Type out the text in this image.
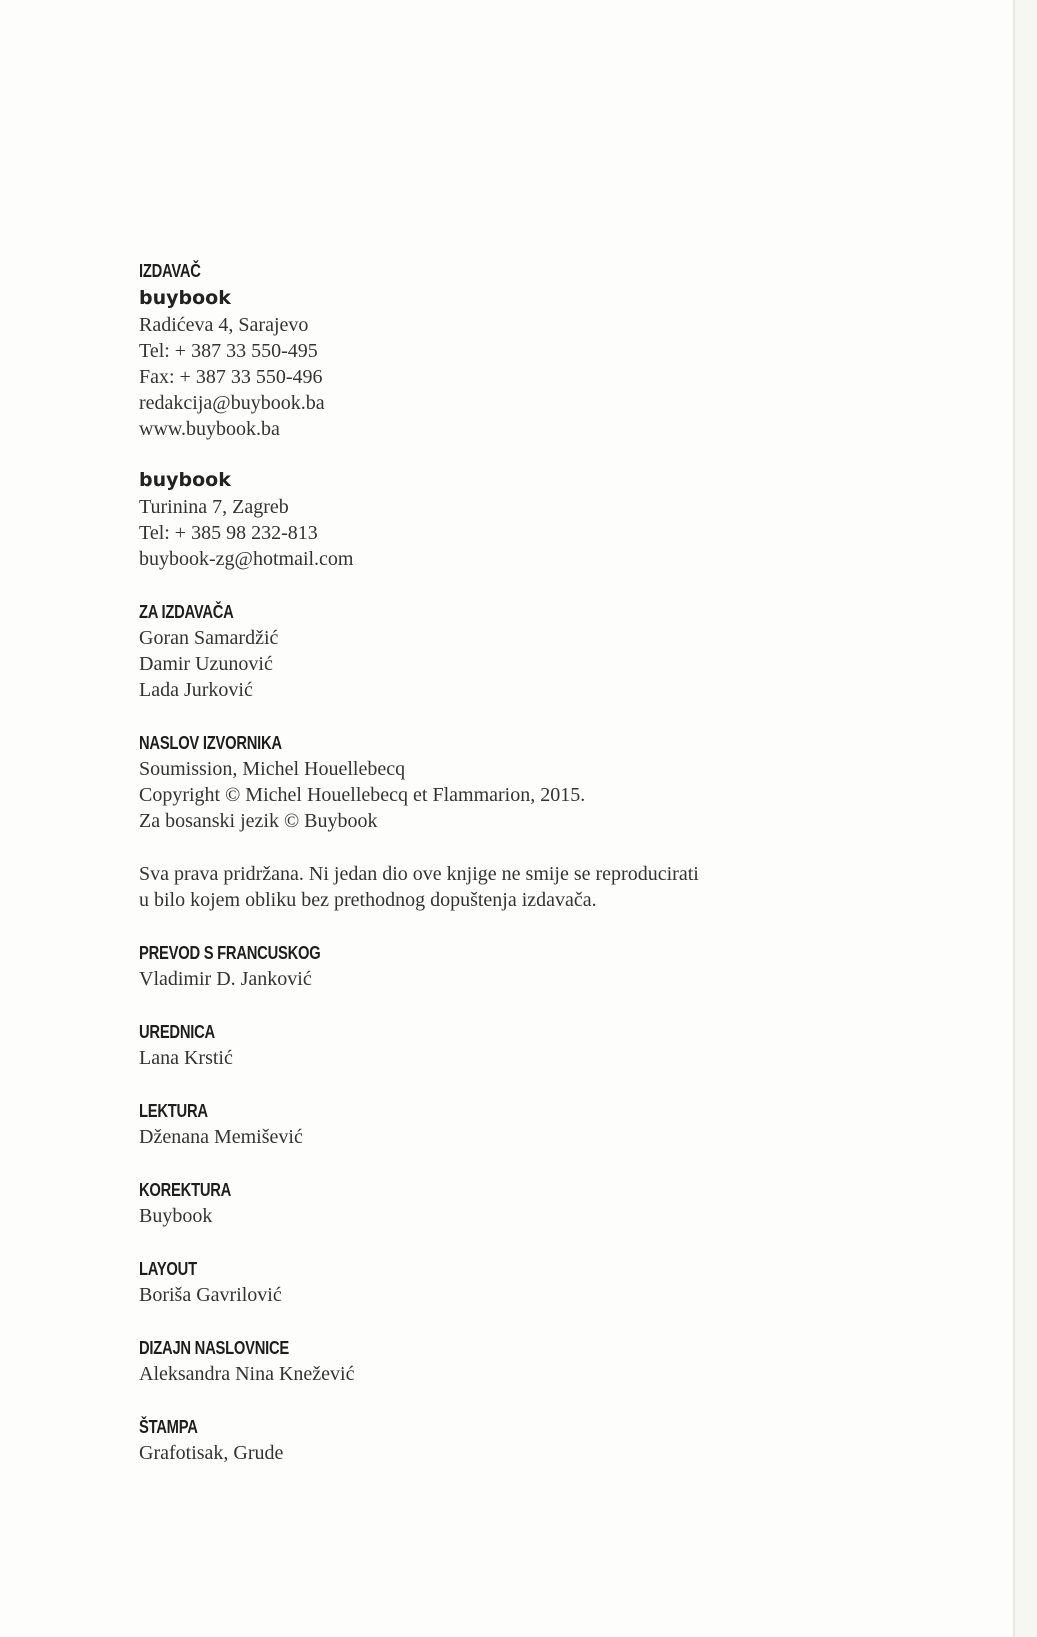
IZDAVAČ
buybook
Radićeva 4, Sarajevo
Tel: + 387 33 550-495
Fax: + 387 33 550-496
redakcija@buybook.ba
www.buybook.ba
buybook
Turinina 7, Zagreb
Tel: + 385 98 232-813
buybook-zg@hotmail.com
ZA IZDAVAČA
Goran Samardžić
Damir Uzunović
Lada Jurković
NASLOV IZVORNIKA
Soumission, Michel Houellebecq
Copyright © Michel Houellebecq et Flammarion, 2015.
Za bosanski jezik © Buybook
Sva prava pridržana. Ni jedan dio ove knjige ne smije se reproducirati
u bilo kojem obliku bez prethodnog dopuštenja izdavača.
PREVOD S FRANCUSKOG
Vladimir D. Janković
UREDNICA
Lana Krstić
LEKTURA
Dženana Memišević
KOREKTURA
Buybook
LAYOUT
Boriša Gavrilović
DIZAJN NASLOVNICE
Aleksandra Nina Knežević
ŠTAMPA
Grafotisak, Grude
